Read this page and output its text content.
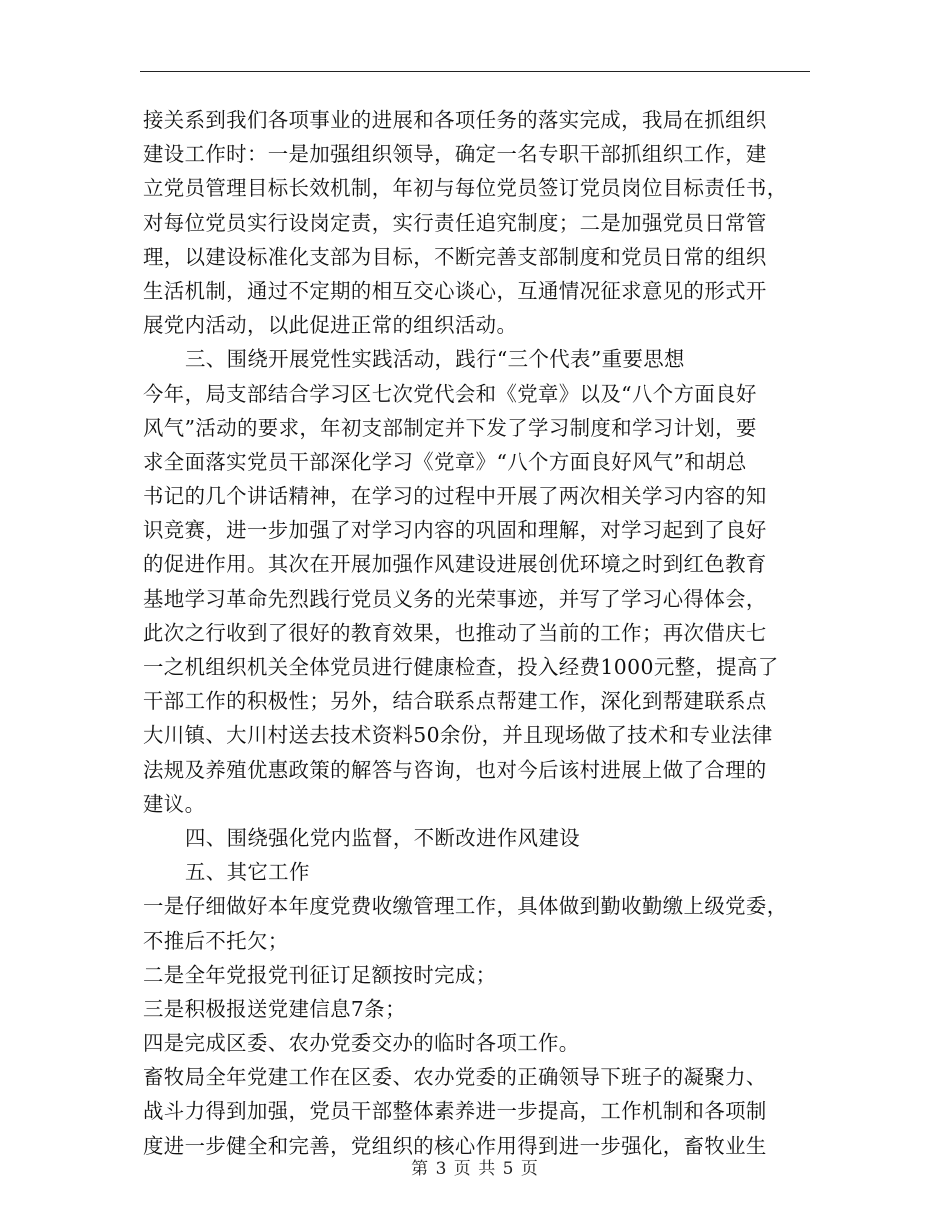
接关系到我们各项事业的进展和各项任务的落实完成，我局在抓组织
建设工作时：一是加强组织领导，确定一名专职干部抓组织工作，建
立党员管理目标长效机制，年初与每位党员签订党员岗位目标责任书，
对每位党员实行设岗定责，实行责任追究制度；二是加强党员日常管
理，以建设标准化支部为目标，不断完善支部制度和党员日常的组织
生活机制，通过不定期的相互交心谈心，互通情况征求意见的形式开
展党内活动，以此促进正常的组织活动。
三、围绕开展党性实践活动，践行“三个代表”重要思想
今年，局支部结合学习区七次党代会和《党章》以及“八个方面良好
风气”活动的要求，年初支部制定并下发了学习制度和学习计划，要
求全面落实党员干部深化学习《党章》“八个方面良好风气”和胡总
书记的几个讲话精神，在学习的过程中开展了两次相关学习内容的知
识竞赛，进一步加强了对学习内容的巩固和理解，对学习起到了良好
的促进作用。其次在开展加强作风建设进展创优环境之时到红色教育
基地学习革命先烈践行党员义务的光荣事迹，并写了学习心得体会，
此次之行收到了很好的教育效果，也推动了当前的工作；再次借庆七
一之机组织机关全体党员进行健康检查，投入经费1000元整，提高了
干部工作的积极性；另外，结合联系点帮建工作，深化到帮建联系点
大川镇、大川村送去技术资料50余份，并且现场做了技术和专业法律
法规及养殖优惠政策的解答与咨询，也对今后该村进展上做了合理的
建议。
四、围绕强化党内监督，不断改进作风建设
五、其它工作
一是仔细做好本年度党费收缴管理工作，具体做到勤收勤缴上级党委，
不推后不托欠；
二是全年党报党刊征订足额按时完成；
三是积极报送党建信息7条；
四是完成区委、农办党委交办的临时各项工作。
畜牧局全年党建工作在区委、农办党委的正确领导下班子的凝聚力、
战斗力得到加强，党员干部整体素养进一步提高，工作机制和各项制
度进一步健全和完善，党组织的核心作用得到进一步强化，畜牧业生
第 3 页 共 5 页
